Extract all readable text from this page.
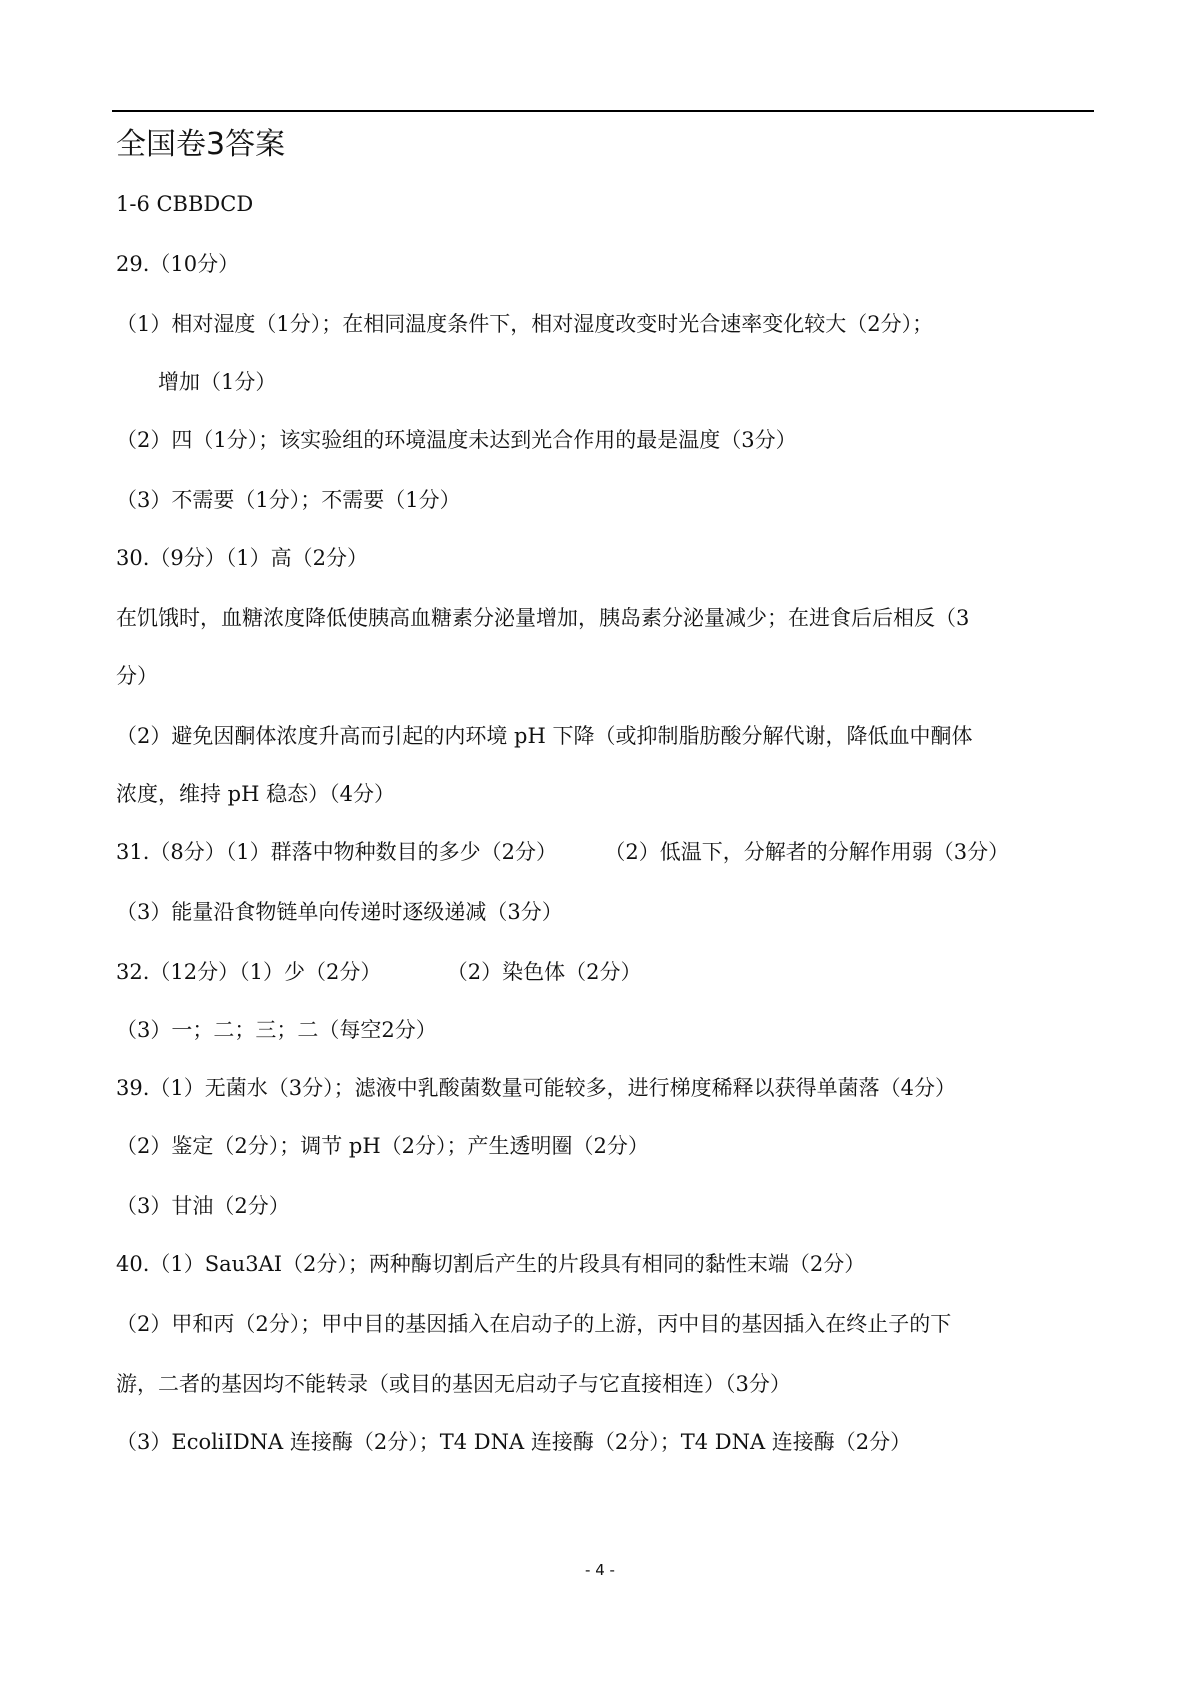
全国卷3答案
1-6 CBBDCD
29.（10分）
（1）相对湿度（1分）；在相同温度条件下，相对湿度改变时光合速率变化较大（2分）；
增加（1分）
（2）四（1分）；该实验组的环境温度未达到光合作用的最是温度（3分）
（3）不需要（1分）；不需要（1分）
30.（9分）（1）高（2分）
在饥饿时，血糖浓度降低使胰高血糖素分泌量增加，胰岛素分泌量减少；在进食后后相反（3
分）
（2）避免因酮体浓度升高而引起的内环境 pH 下降（或抑制脂肪酸分解代谢，降低血中酮体
浓度，维持 pH 稳态）（4分）
31.（8分）（1）群落中物种数目的多少（2分） （2）低温下，分解者的分解作用弱（3分）
（3）能量沿食物链单向传递时逐级递减（3分）
32.（12分）（1）少（2分）	（2）染色体（2分）
（3）一；二；三；二（每空2分）
39.（1）无菌水（3分）；滤液中乳酸菌数量可能较多，进行梯度稀释以获得单菌落（4分）
（2）鉴定（2分）；调节 pH（2分）；产生透明圈（2分）
（3）甘油（2分）
40.（1）Sau3AⅠ（2分）；两种酶切割后产生的片段具有相同的黏性末端（2分）
（2）甲和丙（2分）；甲中目的基因插入在启动子的上游，丙中目的基因插入在终止子的下
游，二者的基因均不能转录（或目的基因无启动子与它直接相连）（3分）
（3）EcoliⅠDNA 连接酶（2分）；T4 DNA 连接酶（2分）；T4 DNA 连接酶（2分）
- 4 -
